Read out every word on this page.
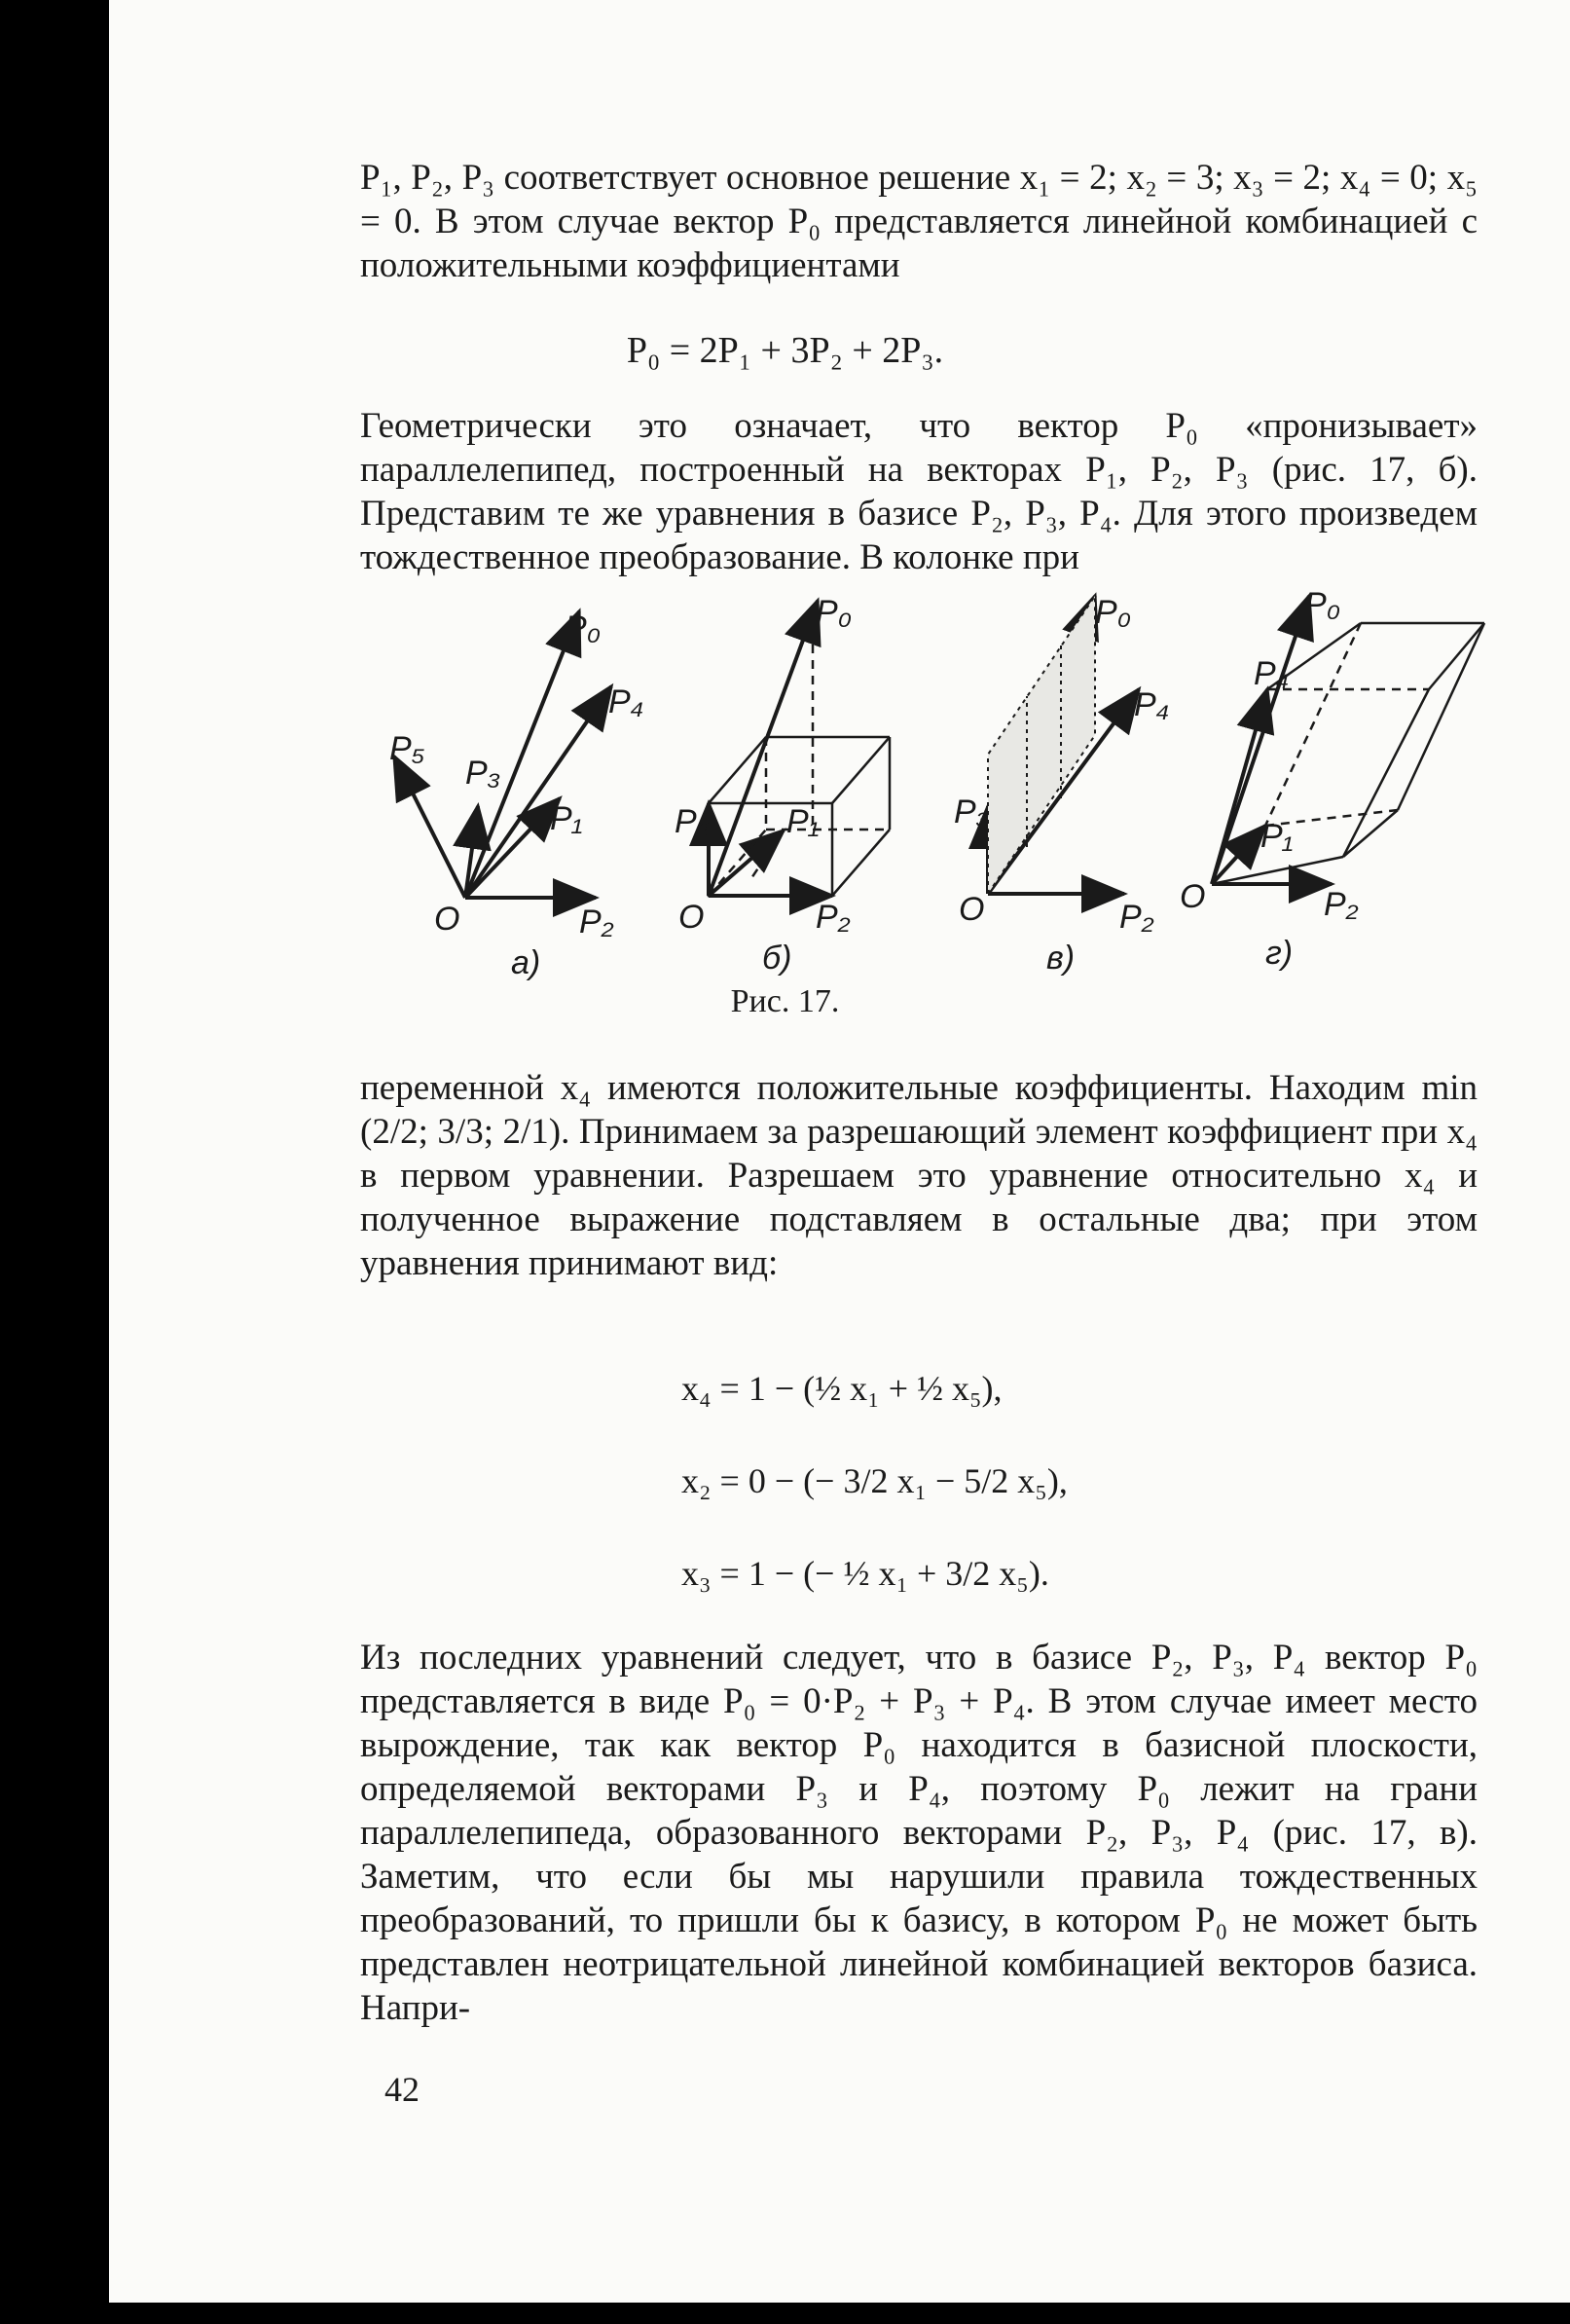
P₁, P₂, P₃ соответствует основное решение x₁ = 2; x₂ = 3; x₃ = 2; x₄ = 0; x₅ = 0. В этом случае вектор P₀ представляется линейной комбинацией с положительными коэффициентами

P₀ = 2P₁ + 3P₂ + 2P₃.

Геометрически это означает, что вектор P₀ «пронизывает» параллелепипед, построенный на векторах P₁, P₂, P₃ (рис. 17, б). Представим те же уравнения в базисе P₂, P₃, P₄. Для этого произведем тождественное преобразование. В колонке при

P₀
P₄
P₁
P₃
P₅
P₂
O
а)
P₀
P₃ P₁
P₂
O
б)
P₀
P₄
P₃
P₂
O
в)
P₀
P₄
P₁
P₂
O
г)

Рис. 17.

переменной x₄ имеются положительные коэффициенты. Находим min (2/2; 3/3; 2/1). Принимаем за разрешающий элемент коэффициент при x₄ в первом уравнении. Разрешаем это уравнение относительно x₄ и полученное выражение подставляем в остальные два; при этом уравнения принимают вид:

x₄ = 1 − (½ x₁ + ½ x₅),

x₂ = 0 − (− 3/2 x₁ − 5/2 x₅),

x₃ = 1 − (− ½ x₁ + 3/2 x₅).

Из последних уравнений следует, что в базисе P₂, P₃, P₄ вектор P₀ представляется в виде P₀ = 0·P₂ + P₃ + P₄. В этом случае имеет место вырождение, так как вектор P₀ находится в базисной плоскости, определяемой векторами P₃ и P₄, поэтому P₀ лежит на грани параллелепипеда, образованного векторами P₂, P₃, P₄ (рис. 17, в). Заметим, что если бы мы нарушили правила тождественных преобразований, то пришли бы к базису, в котором P₀ не может быть представлен неотрицательной линейной комбинацией векторов базиса. Напри-

42
